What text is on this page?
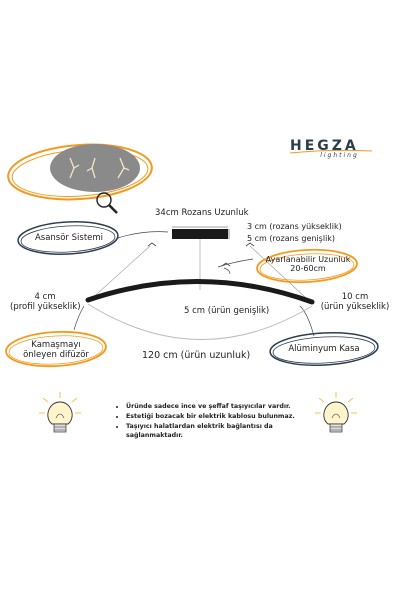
HEGZA
lighting
34cm Rozans Uzunluk
3 cm (rozans yükseklik)
5 cm (rozans genişlik)
Asansör Sistemi
Ayarlanabilir Uzunluk
20-60cm
4 cm
(profil yükseklik)
10 cm
(ürün yükseklik)
5 cm (ürün genişlik)
Kamaşmayı
önleyen difüzör	120 cm (ürün uzunluk)
Alüminyum Kasa
• Üründe sadece ince ve şeffaf taşıyıcılar vardır.
• Estetiği bozacak bir elektrik kablosu bulunmaz.
• Taşıyıcı halatlardan elektrik bağlantısı da sağlanmaktadır.
